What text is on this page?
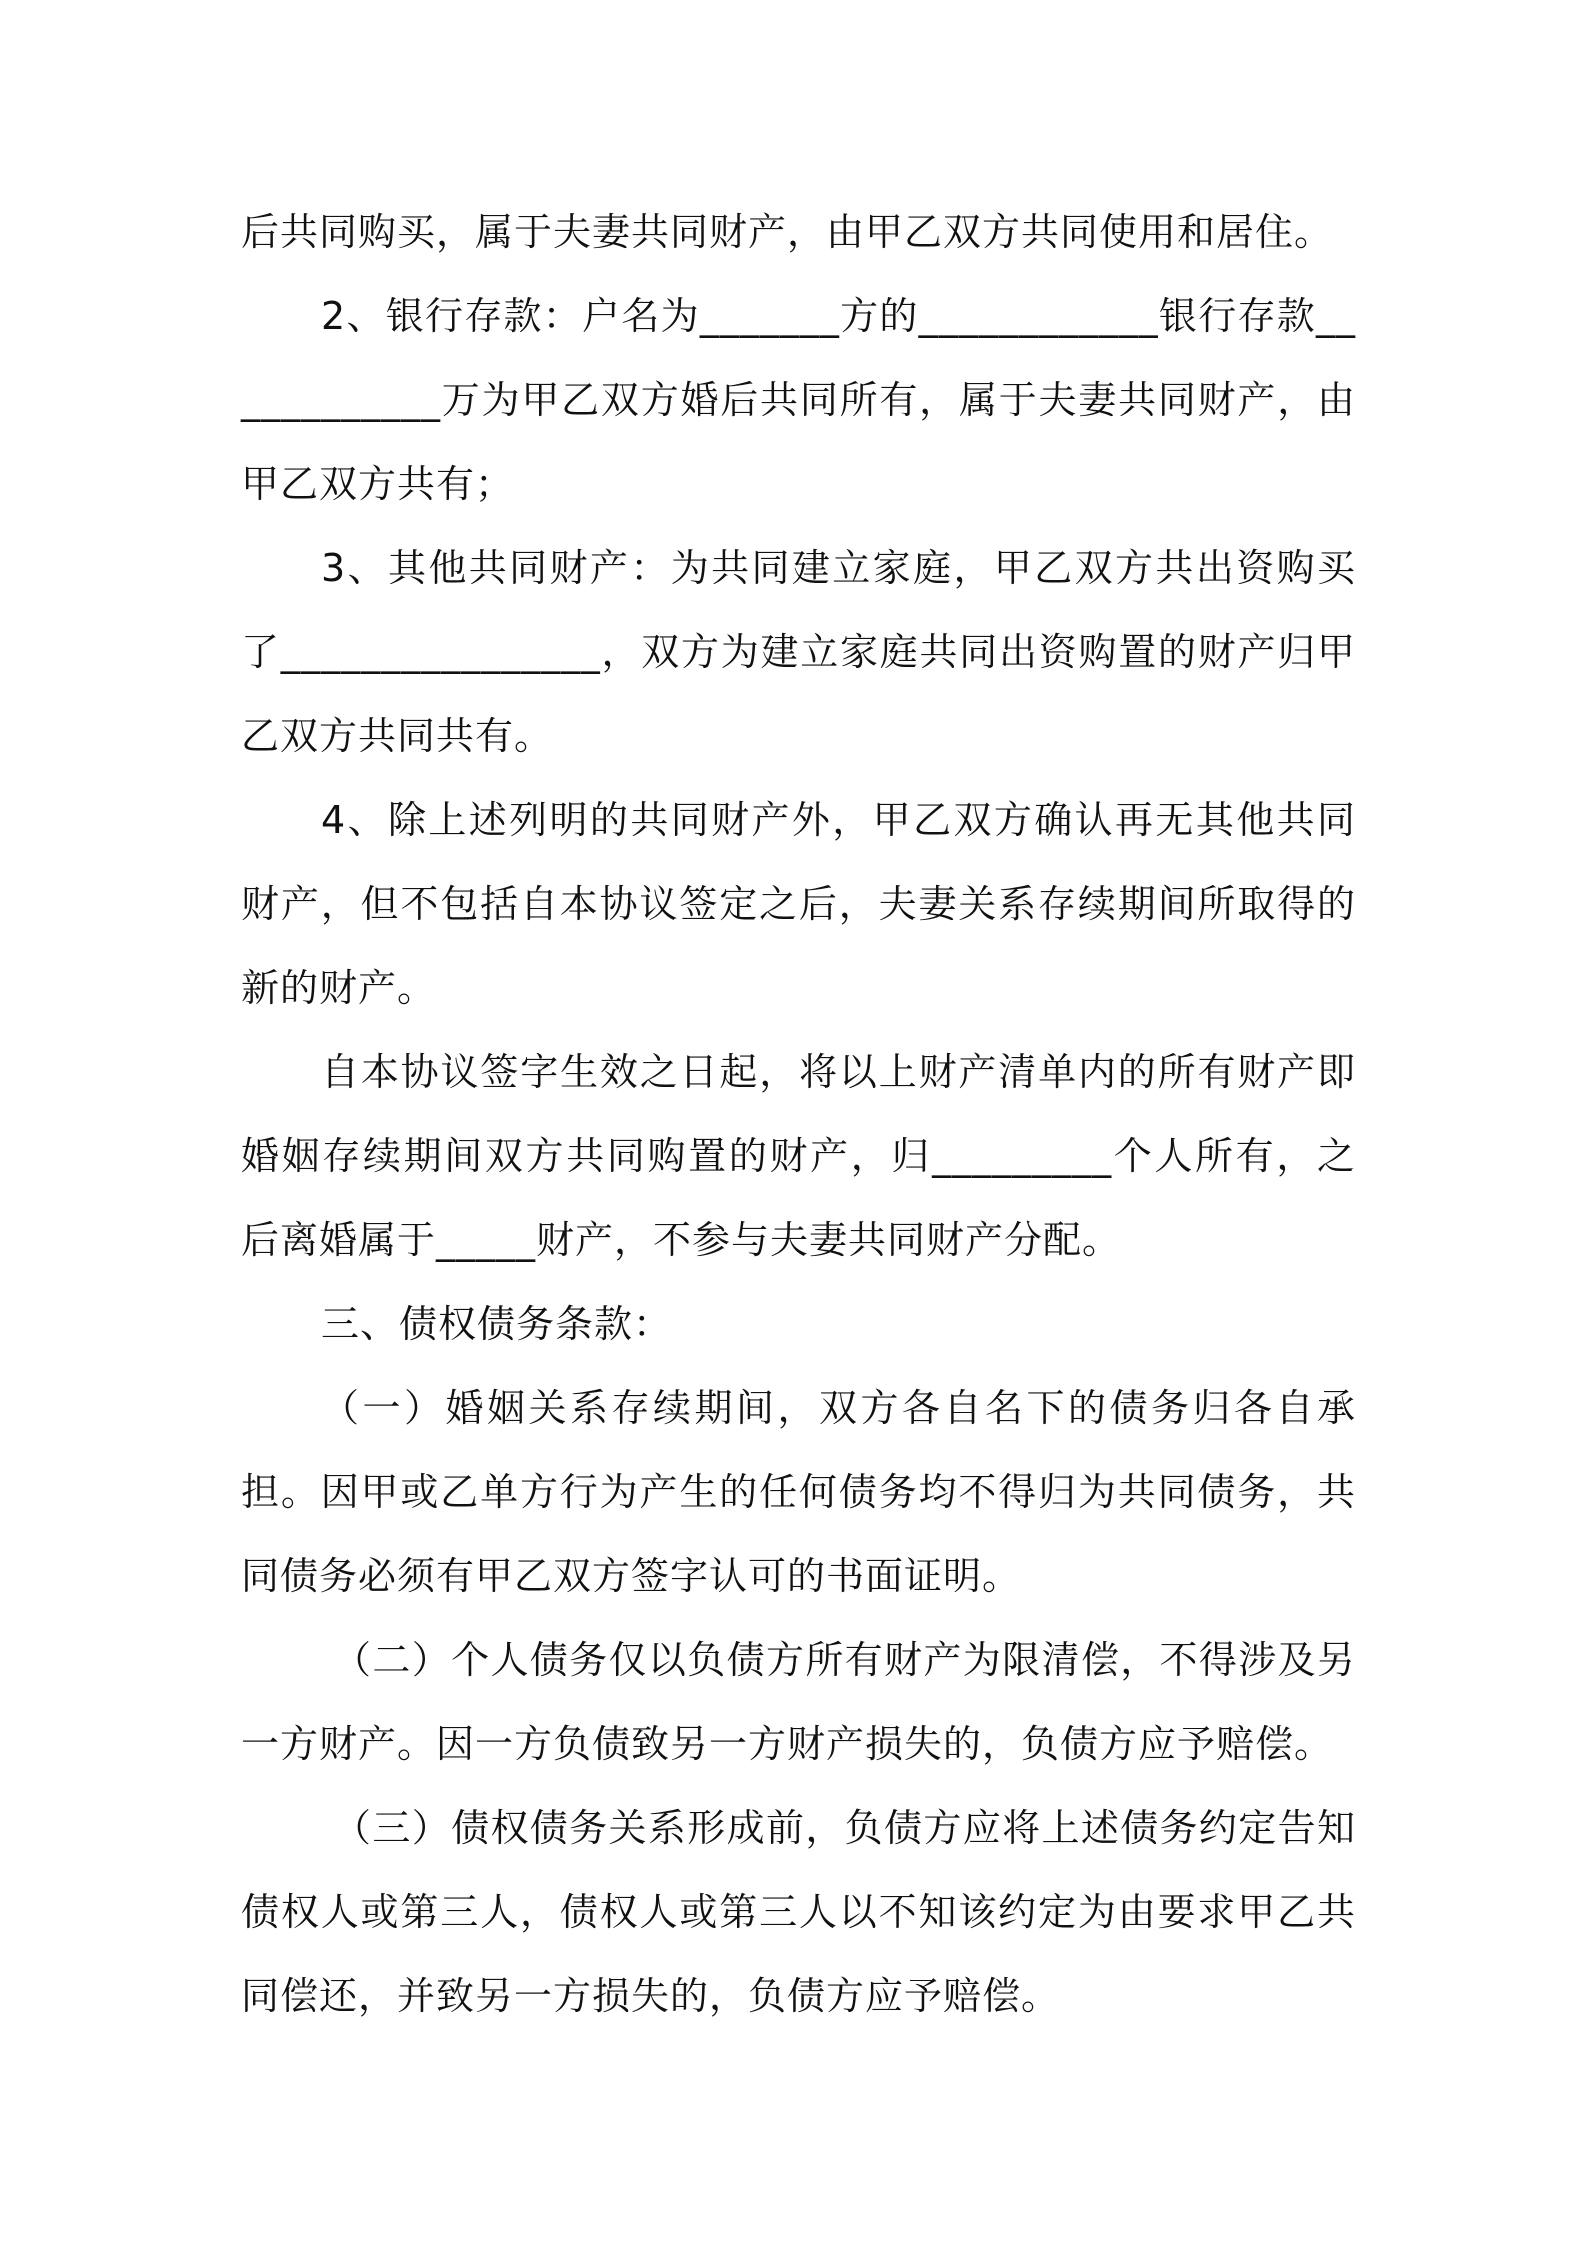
后共同购买，属于夫妻共同财产，由甲乙双方共同使用和居住。

2、银行存款：户名为_______方的____________银行存款____________万为甲乙双方婚后共同所有，属于夫妻共同财产，由甲乙双方共有；

3、其他共同财产：为共同建立家庭，甲乙双方共出资购买了________________，双方为建立家庭共同出资购置的财产归甲乙双方共同共有。

4、除上述列明的共同财产外，甲乙双方确认再无其他共同财产，但不包括自本协议签定之后，夫妻关系存续期间所取得的新的财产。

自本协议签字生效之日起，将以上财产清单内的所有财产即婚姻存续期间双方共同购置的财产，归_________个人所有，之后离婚属于_____财产，不参与夫妻共同财产分配。

三、债权债务条款：

（一）婚姻关系存续期间，双方各自名下的债务归各自承担。因甲或乙单方行为产生的任何债务均不得归为共同债务，共同债务必须有甲乙双方签字认可的书面证明。

（二）个人债务仅以负债方所有财产为限清偿，不得涉及另一方财产。因一方负债致另一方财产损失的，负债方应予赔偿。

（三）债权债务关系形成前，负债方应将上述债务约定告知债权人或第三人，债权人或第三人以不知该约定为由要求甲乙共同偿还，并致另一方损失的，负债方应予赔偿。
